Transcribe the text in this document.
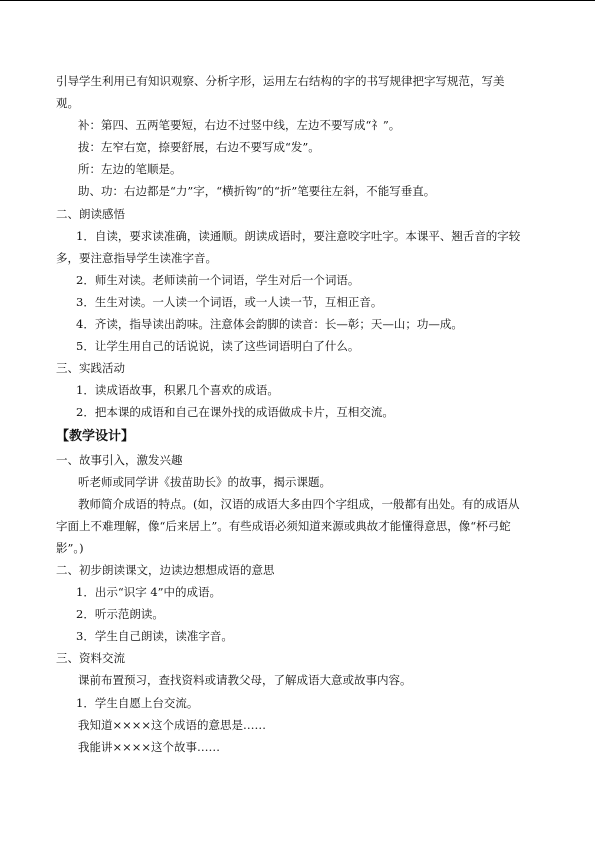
引导学生利用已有知识观察、分析字形，运用左右结构的字的书写规律把字写规范，写美
观。
补：第四、五两笔要短，右边不过竖中线，左边不要写成“礻”。
拔：左窄右宽，捺要舒展，右边不要写成“发”。
所：左边的笔顺是。
助、功：右边都是“力”字，“横折钩”的“折”笔要往左斜，不能写垂直。
二、朗读感悟
1．自读，要求读准确，读通顺。朗读成语时，要注意咬字吐字。本课平、翘舌音的字较
多，要注意指导学生读准字音。
2．师生对读。老师读前一个词语，学生对后一个词语。
3．生生对读。一人读一个词语，或一人读一节，互相正音。
4．齐读，指导读出韵味。注意体会韵脚的读音：长—彰；天—山；功—成。
5．让学生用自己的话说说，读了这些词语明白了什么。
三、实践活动
1．读成语故事，积累几个喜欢的成语。
2．把本课的成语和自己在课外找的成语做成卡片，互相交流。
【教学设计】
一、故事引入，激发兴趣
听老师或同学讲《拔苗助长》的故事，揭示课题。
教师简介成语的特点。(如，汉语的成语大多由四个字组成，一般都有出处。有的成语从
字面上不难理解，像“后来居上”。有些成语必须知道来源或典故才能懂得意思，像“杯弓蛇
影”。)
二、初步朗读课文，边读边想想成语的意思
1．出示“识字 4”中的成语。
2．听示范朗读。
3．学生自己朗读，读准字音。
三、资料交流
课前布置预习，查找资料或请教父母，了解成语大意或故事内容。
1．学生自愿上台交流。
我知道××××这个成语的意思是……
我能讲××××这个故事……
